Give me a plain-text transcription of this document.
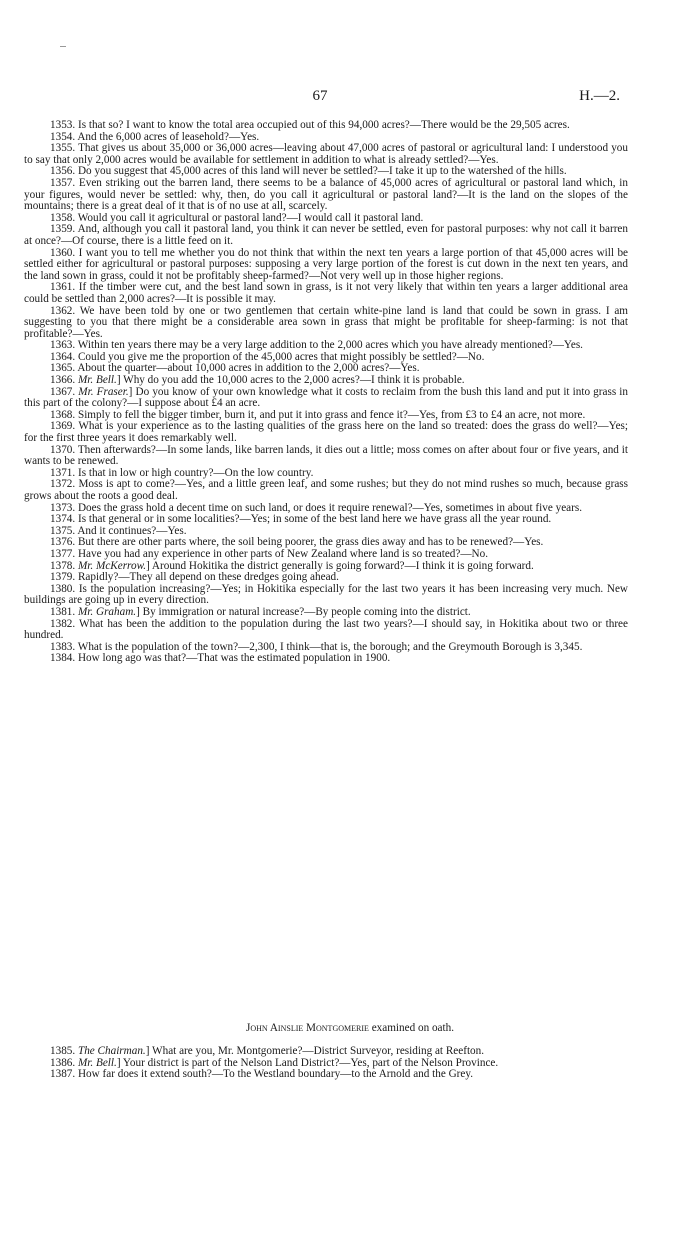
67	H.—2.

1353. Is that so? I want to know the total area occupied out of this 94,000 acres?—There would be the 29,505 acres.

1354. And the 6,000 acres of leasehold?—Yes.

1355. That gives us about 35,000 or 36,000 acres—leaving about 47,000 acres of pastoral or agricultural land: I understood you to say that only 2,000 acres would be available for settlement in addition to what is already settled?—Yes.

1356. Do you suggest that 45,000 acres of this land will never be settled?—I take it up to the watershed of the hills.

1357. Even striking out the barren land, there seems to be a balance of 45,000 acres of agricultural or pastoral land which, in your figures, would never be settled: why, then, do you call it agricultural or pastoral land?—It is the land on the slopes of the mountains; there is a great deal of it that is of no use at all, scarcely.

1358. Would you call it agricultural or pastoral land?—I would call it pastoral land.

1359. And, although you call it pastoral land, you think it can never be settled, even for pastoral purposes: why not call it barren at once?—Of course, there is a little feed on it.

1360. I want you to tell me whether you do not think that within the next ten years a large portion of that 45,000 acres will be settled either for agricultural or pastoral purposes: supposing a very large portion of the forest is cut down in the next ten years, and the land sown in grass, could it not be profitably sheep-farmed?—Not very well up in those higher regions.

1361. If the timber were cut, and the best land sown in grass, is it not very likely that within ten years a larger additional area could be settled than 2,000 acres?—It is possible it may.

1362. We have been told by one or two gentlemen that certain white-pine land is land that could be sown in grass. I am suggesting to you that there might be a considerable area sown in grass that might be profitable for sheep-farming: is not that profitable?—Yes.

1363. Within ten years there may be a very large addition to the 2,000 acres which you have already mentioned?—Yes.

1364. Could you give me the proportion of the 45,000 acres that might possibly be settled?—No.

1365. About the quarter—about 10,000 acres in addition to the 2,000 acres?—Yes.

1366. Mr. Bell.] Why do you add the 10,000 acres to the 2,000 acres?—I think it is probable.

1367. Mr. Fraser.] Do you know of your own knowledge what it costs to reclaim from the bush this land and put it into grass in this part of the colony?—I suppose about £4 an acre.

1368. Simply to fell the bigger timber, burn it, and put it into grass and fence it?—Yes, from £3 to £4 an acre, not more.

1369. What is your experience as to the lasting qualities of the grass here on the land so treated: does the grass do well?—Yes; for the first three years it does remarkably well.

1370. Then afterwards?—In some lands, like barren lands, it dies out a little; moss comes on after about four or five years, and it wants to be renewed.

1371. Is that in low or high country?—On the low country.

1372. Moss is apt to come?—Yes, and a little green leaf, and some rushes; but they do not mind rushes so much, because grass grows about the roots a good deal.

1373. Does the grass hold a decent time on such land, or does it require renewal?—Yes, sometimes in about five years.

1374. Is that general or in some localities?—Yes; in some of the best land here we have grass all the year round.

1375. And it continues?—Yes.

1376. But there are other parts where, the soil being poorer, the grass dies away and has to be renewed?—Yes.

1377. Have you had any experience in other parts of New Zealand where land is so treated?—No.

1378. Mr. McKerrow.] Around Hokitika the district generally is going forward?—I think it is going forward.

1379. Rapidly?—They all depend on these dredges going ahead.

1380. Is the population increasing?—Yes; in Hokitika especially for the last two years it has been increasing very much. New buildings are going up in every direction.

1381. Mr. Graham.] By immigration or natural increase?—By people coming into the district.

1382. What has been the addition to the population during the last two years?—I should say, in Hokitika about two or three hundred.

1383. What is the population of the town?—2,300, I think—that is, the borough; and the Greymouth Borough is 3,345.

1384. How long ago was that?—That was the estimated population in 1900.

John Ainslie Montgomerie examined on oath.

1385. The Chairman.] What are you, Mr. Montgomerie?—District Surveyor, residing at Reefton.

1386. Mr. Bell.] Your district is part of the Nelson Land District?—Yes, part of the Nelson Province.

1387. How far does it extend south?—To the Westland boundary—to the Arnold and the Grey.
